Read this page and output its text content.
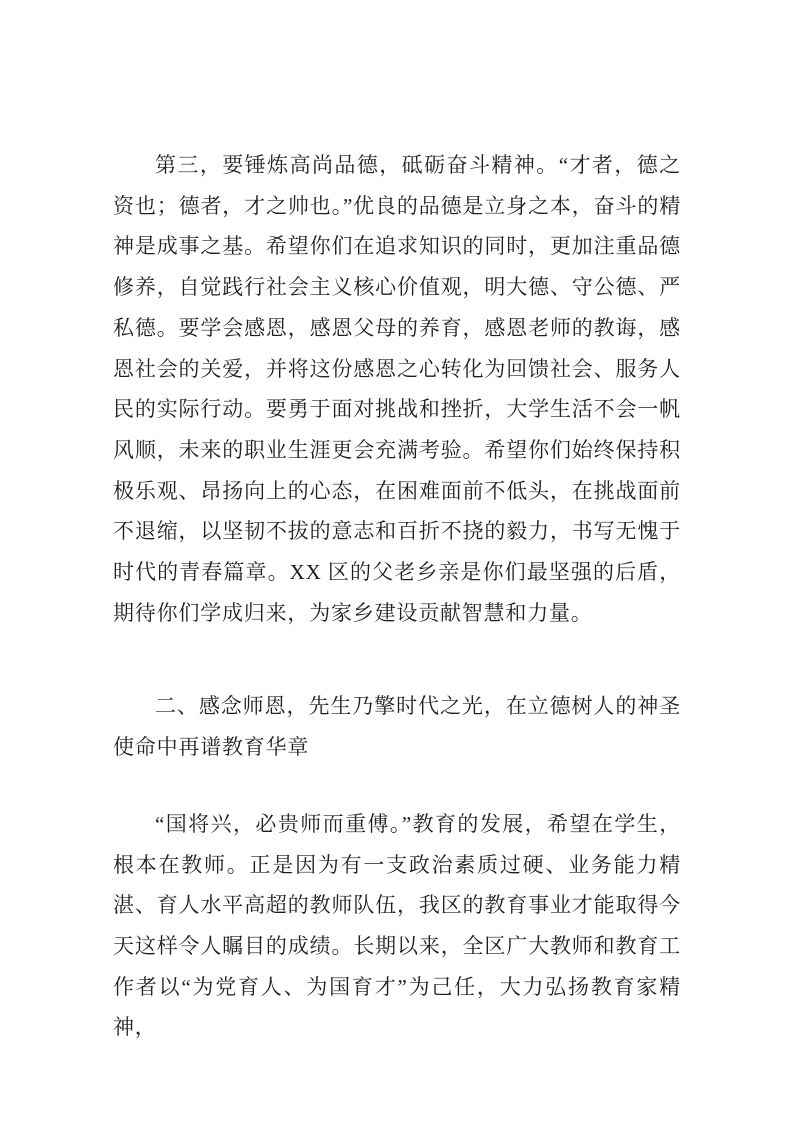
第三，要锤炼高尚品德，砥砺奋斗精神。“才者，德之资也；德者，才之帅也。”优良的品德是立身之本，奋斗的精神是成事之基。希望你们在追求知识的同时，更加注重品德修养，自觉践行社会主义核心价值观，明大德、守公德、严私德。要学会感恩，感恩父母的养育，感恩老师的教诲，感恩社会的关爱，并将这份感恩之心转化为回馈社会、服务人民的实际行动。要勇于面对挑战和挫折，大学生活不会一帆风顺，未来的职业生涯更会充满考验。希望你们始终保持积极乐观、昂扬向上的心态，在困难面前不低头，在挑战面前不退缩，以坚韧不拔的意志和百折不挠的毅力，书写无愧于时代的青春篇章。XX 区的父老乡亲是你们最坚强的后盾，期待你们学成归来，为家乡建设贡献智慧和力量。

二、感念师恩，先生乃擎时代之光，在立德树人的神圣使命中再谱教育华章

“国将兴，必贵师而重傅。”教育的发展，希望在学生，根本在教师。正是因为有一支政治素质过硬、业务能力精湛、育人水平高超的教师队伍，我区的教育事业才能取得今天这样令人瞩目的成绩。长期以来，全区广大教师和教育工作者以“为党育人、为国育才”为己任，大力弘扬教育家精神，
